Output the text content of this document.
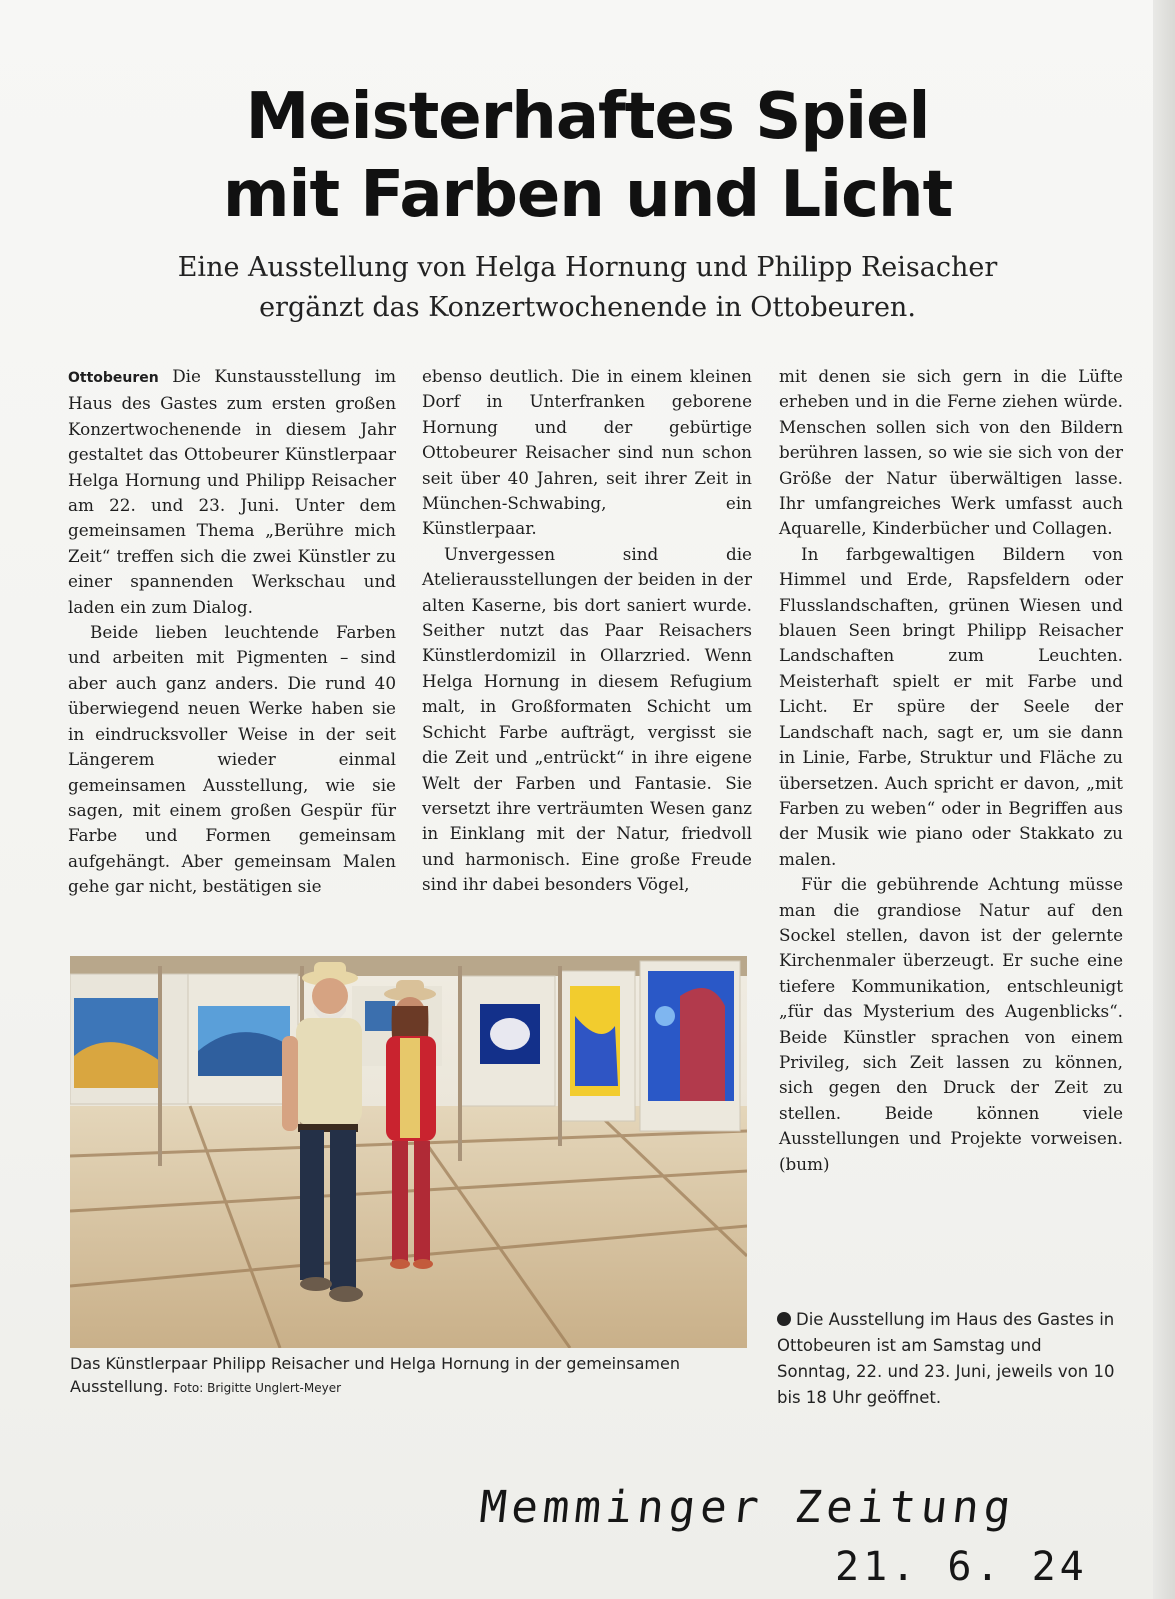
Meisterhaftes Spiel
mit Farben und Licht
Eine Ausstellung von Helga Hornung und Philipp Reisacher
ergänzt das Konzertwochenende in Ottobeuren.

Ottobeuren Die Kunstausstellung im Haus des Gastes zum ersten großen Konzertwochenende in diesem Jahr gestaltet das Ottobeurer Künstlerpaar Helga Hornung und Philipp Reisacher am 22. und 23. Juni. Unter dem gemeinsamen Thema „Berühre mich Zeit“ treffen sich die zwei Künstler zu einer spannenden Werkschau und laden ein zum Dialog.

Beide lieben leuchtende Farben und arbeiten mit Pigmenten – sind aber auch ganz anders. Die rund 40 überwiegend neuen Werke haben sie in eindrucksvoller Weise in der seit Längerem wieder einmal gemeinsamen Ausstellung, wie sie sagen, mit einem großen Gespür für Farbe und Formen gemeinsam aufgehängt. Aber gemeinsam Malen gehe gar nicht, bestätigen sie

ebenso deutlich. Die in einem kleinen Dorf in Unterfranken geborene Hornung und der gebürtige Ottobeurer Reisacher sind nun schon seit über 40 Jahren, seit ihrer Zeit in München-Schwabing, ein Künstlerpaar.

Unvergessen sind die Atelierausstellungen der beiden in der alten Kaserne, bis dort saniert wurde. Seither nutzt das Paar Reisachers Künstlerdomizil in Ollarzried. Wenn Helga Hornung in diesem Refugium malt, in Großformaten Schicht um Schicht Farbe aufträgt, vergisst sie die Zeit und „entrückt“ in ihre eigene Welt der Farben und Fantasie. Sie versetzt ihre verträumten Wesen ganz in Einklang mit der Natur, friedvoll und harmonisch. Eine große Freude sind ihr dabei besonders Vögel,

mit denen sie sich gern in die Lüfte erheben und in die Ferne ziehen würde. Menschen sollen sich von den Bildern berühren lassen, so wie sie sich von der Größe der Natur überwältigen lasse. Ihr umfangreiches Werk umfasst auch Aquarelle, Kinderbücher und Collagen.

In farbgewaltigen Bildern von Himmel und Erde, Rapsfeldern oder Flusslandschaften, grünen Wiesen und blauen Seen bringt Philipp Reisacher Landschaften zum Leuchten. Meisterhaft spielt er mit Farbe und Licht. Er spüre der Seele der Landschaft nach, sagt er, um sie dann in Linie, Farbe, Struktur und Fläche zu übersetzen. Auch spricht er davon, „mit Farben zu weben“ oder in Begriffen aus der Musik wie piano oder Stakkato zu malen.

Für die gebührende Achtung müsse man die grandiose Natur auf den Sockel stellen, davon ist der gelernte Kirchenmaler überzeugt. Er suche eine tiefere Kommunikation, entschleunigt „für das Mysterium des Augenblicks“. Beide Künstler sprachen von einem Privileg, sich Zeit lassen zu können, sich gegen den Druck der Zeit zu stellen. Beide können viele Ausstellungen und Projekte vorweisen. (bum)

Das Künstlerpaar Philipp Reisacher und Helga Hornung in der gemeinsamen Ausstellung. Foto: Brigitte Unglert-Meyer
Die Ausstellung im Haus des Gastes in Ottobeuren ist am Samstag und Sonntag, 22. und 23. Juni, jeweils von 10 bis 18 Uhr geöffnet.
Memminger Zeitung
21. 6. 24
